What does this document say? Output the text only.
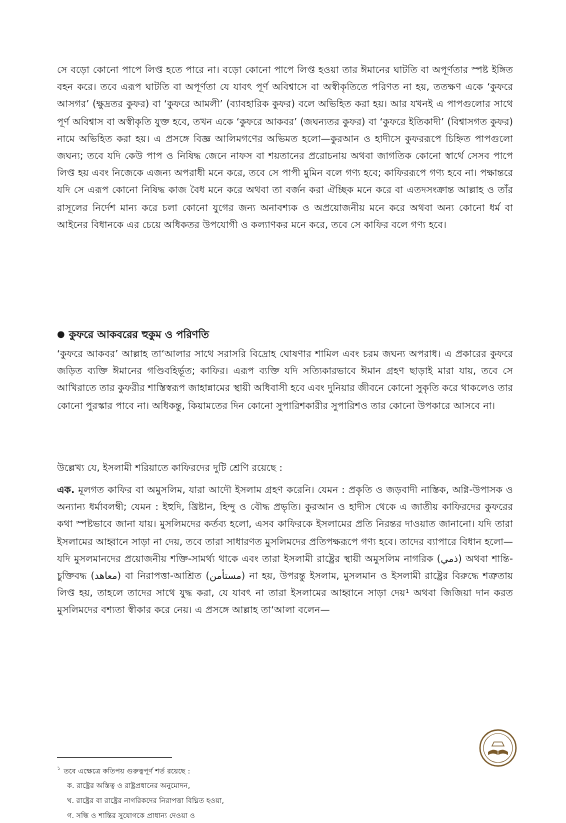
সে বড়ো কোনো পাপে লিপ্ত হতে পারে না। বড়ো কোনো পাপে লিপ্ত হওয়া তার ঈমানের ঘাটতি বা অপূর্ণতার স্পষ্ট ইঙ্গিত বহন করে। তবে এরূপ ঘাটতি বা অপূর্ণতা যে যাবৎ পূর্ণ অবিশ্বাসে বা অস্বীকৃতিতে পরিণত না হয়, ততক্ষণ একে ‘কুফরে আসগর’ (ক্ষুদ্রতর কুফর) বা ‘কুফরে আমলী’ (ব্যাবহারিক কুফর) বলে অভিহিত করা হয়। আর যখনই এ পাপগুলোর সাথে পূর্ণ অবিশ্বাস বা অস্বীকৃতি যুক্ত হবে, তখন একে ‘কুফরে আকবর’ (জঘন্যতর কুফর) বা ‘কুফরে ইতিকাদী’ (বিশ্বাসগত কুফর) নামে অভিহিত করা হয়। এ প্রসঙ্গে বিজ্ঞ আলিমগণের অভিমত হলো—কুরআন ও হাদীসে কুফররূপে চিহ্নিত পাপগুলো জঘন্য; তবে যদি কেউ পাপ ও নিষিদ্ধ জেনে নাফস বা শয়তানের প্ররোচনায় অথবা জাগতিক কোনো স্বার্থে সেসব পাপে লিপ্ত হয় এবং নিজেকে এজন্য অপরাধী মনে করে, তবে সে পাপী মুমিন বলে গণ্য হবে; কাফিররূপে গণ্য হবে না। পক্ষান্তরে যদি সে এরূপ কোনো নিষিদ্ধ কাজ বৈধ মনে করে অথবা তা বর্জন করা ঐচ্ছিক মনে করে বা এতদসংক্রান্ত আল্লাহ ও তাঁর রাসূলের নির্দেশ মান্য করে চলা কোনো যুগের জন্য অনাবশ্যক ও অপ্রয়োজনীয় মনে করে অথবা অন্য কোনো ধর্ম বা আইনের বিধানকে এর চেয়ে অধিকতর উপযোগী ও কল্যাণকর মনে করে, তবে সে কাফির বলে গণ্য হবে।

● কুফরে আকবরের হুকুম ও পরিণতি

‘কুফরে আকবর’ আল্লাহ তা‘আলার সাথে সরাসরি বিদ্রোহ ঘোষণার শামিল এবং চরম জঘন্য অপরাধ। এ প্রকারের কুফরে জড়িত ব্যক্তি ঈমানের গণ্ডিবহির্ভূত; কাফির। এরূপ ব্যক্তি যদি সত্যিকারভাবে ঈমান গ্রহণ ছাড়াই মারা যায়, তবে সে আখিরাতে তার কুফরীর শাস্তিস্বরূপ জাহান্নামের স্থায়ী অধিবাসী হবে এবং দুনিয়ার জীবনে কোনো সুকৃতি করে থাকলেও তার কোনো পুরস্কার পাবে না। অধিকন্তু, কিয়ামতের দিন কোনো সুপারিশকারীর সুপারিশও তার কোনো উপকারে আসবে না।

উল্লেখ্য যে, ইসলামী শরিয়াতে কাফিরদের দুটি শ্রেণি রয়েছে :

এক. মূলগত কাফির বা অমুসলিম, যারা আদৌ ইসলাম গ্রহণ করেনি। যেমন : প্রকৃতি ও জড়বাদী নাস্তিক, অগ্নি-উপাসক ও অন্যান্য ধর্মাবলম্বী; যেমন : ইহুদি, খ্রিষ্টান, হিন্দু ও বৌদ্ধ প্রভৃতি। কুরআন ও হাদীস থেকে এ জাতীয় কাফিরদের কুফরের কথা স্পষ্টভাবে জানা যায়। মুসলিমদের কর্তব্য হলো, এসব কাফিরকে ইসলামের প্রতি নিরন্তর দাওয়াত জানানো। যদি তারা ইসলামের আহ্বানে সাড়া না দেয়, তবে তারা সাধারণত মুসলিমদের প্রতিপক্ষরূপে গণ্য হবে। তাদের ব্যাপারে বিধান হলো—যদি মুসলমানদের প্রয়োজনীয় শক্তি-সামর্থ্য থাকে এবং তারা ইসলামী রাষ্ট্রের স্থায়ী অমুসলিম নাগরিক (ذمي) অথবা শান্তি-চুক্তিবদ্ধ (معاهد) বা নিরাপত্তা-আশ্রিত (مستأمن) না হয়, উপরন্তু ইসলাম, মুসলমান ও ইসলামী রাষ্ট্রের বিরুদ্ধে শত্রুতায় লিপ্ত হয়, তাহলে তাদের সাথে যুদ্ধ করা, যে যাবৎ না তারা ইসলামের আহ্বানে সাড়া দেয়¹ অথবা জিজিয়া দান করত মুসলিমদের বশ্যতা স্বীকার করে নেয়। এ প্রসঙ্গে আল্লাহ তা‘আলা বলেন—

$^১$ তবে এক্ষেত্রে কতিপয় গুরুত্বপূর্ণ শর্ত রয়েছে :

ক. রাষ্ট্রের অস্তিত্ব ও রাষ্ট্রপ্রধানের অনুমোদন,

খ. রাষ্ট্রের বা রাষ্ট্রের নাগরিকদের নিরাপত্তা বিঘ্নিত হওয়া,

গ. সন্ধি ও শান্তির সুযোগকে প্রাধান্য দেওয়া ও
